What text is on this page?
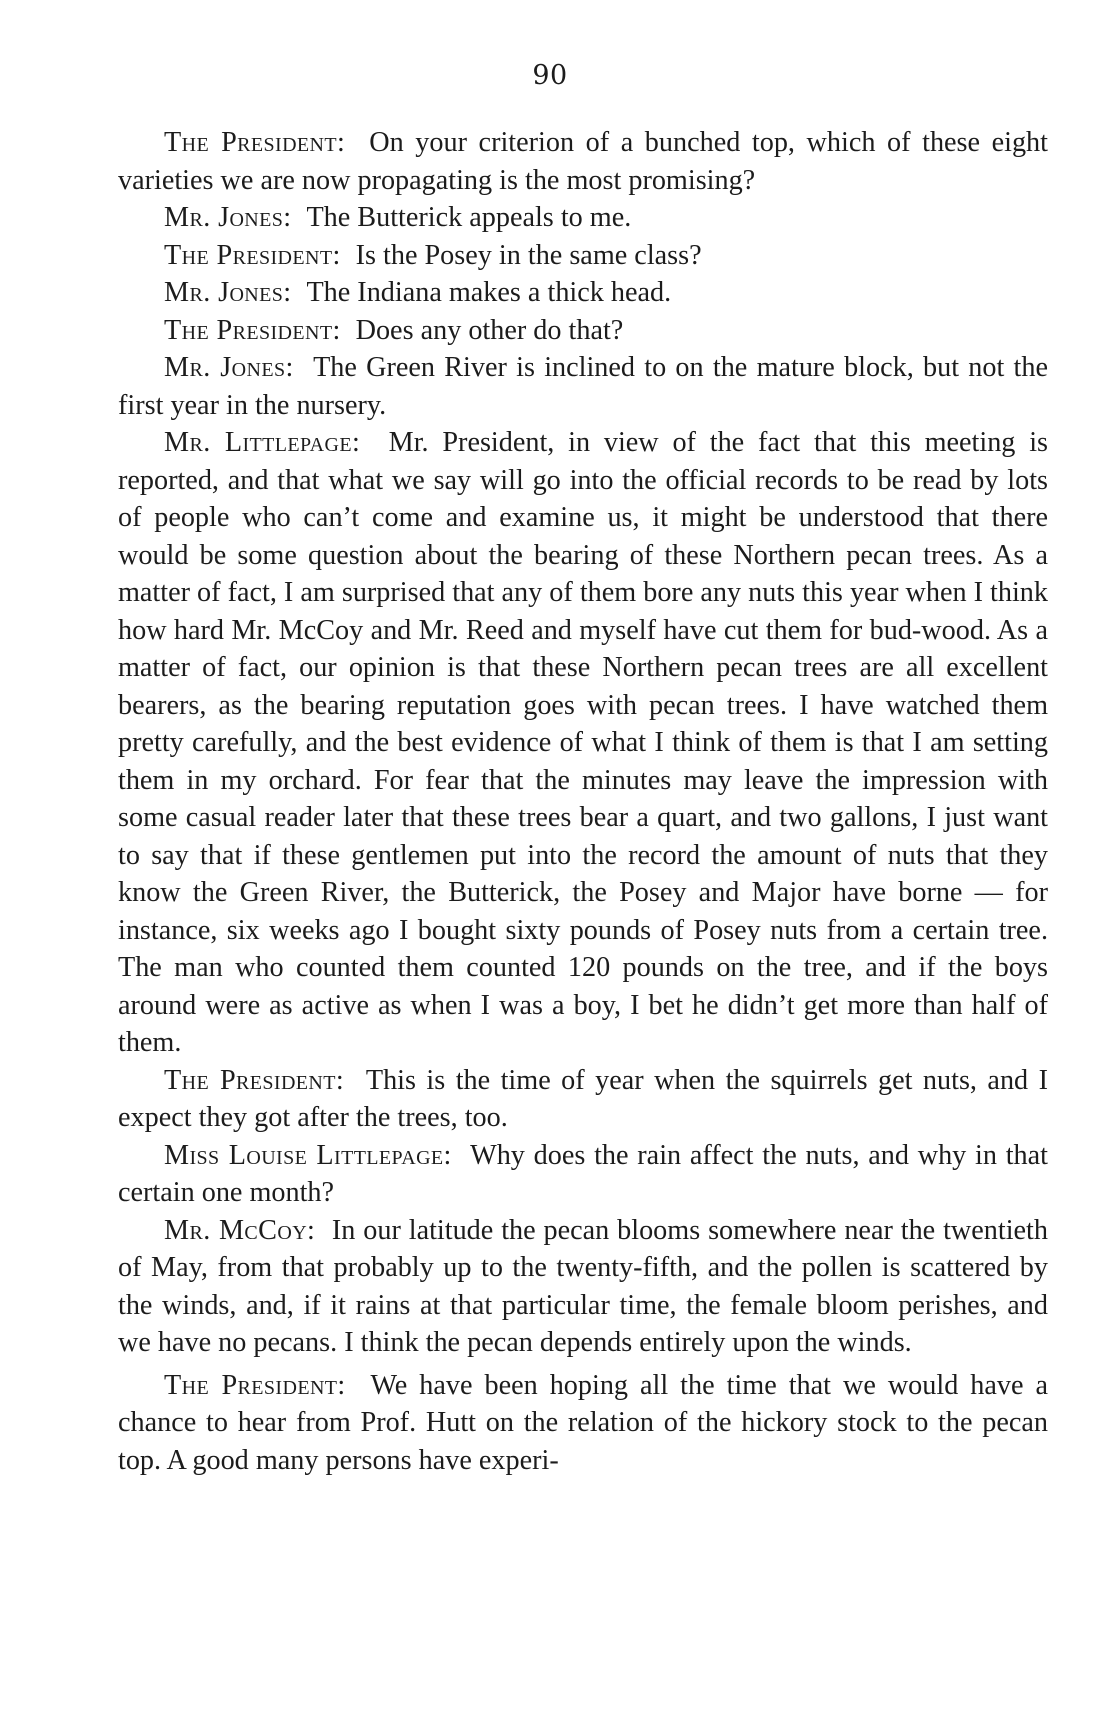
90

The President : On your criterion of a bunched top, which of these eight varieties we are now propagating is the most promising?

Mr. Jones : The Butterick appeals to me.

The President : Is the Posey in the same class?

Mr. Jones : The Indiana makes a thick head.

The President : Does any other do that?

Mr. Jones : The Green River is inclined to on the mature block, but not the first year in the nursery.

Mr. Littlepage : Mr. President, in view of the fact that this meeting is reported, and that what we say will go into the official records to be read by lots of people who can’t come and examine us, it might be understood that there would be some question about the bearing of these Northern pecan trees. As a matter of fact, I am surprised that any of them bore any nuts this year when I think how hard Mr. McCoy and Mr. Reed and myself have cut them for bud-wood. As a matter of fact, our opinion is that these Northern pecan trees are all excellent bearers, as the bearing reputation goes with pecan trees. I have watched them pretty carefully, and the best evidence of what I think of them is that I am setting them in my orchard. For fear that the minutes may leave the impression with some casual reader later that these trees bear a quart, and two gallons, I just want to say that if these gentlemen put into the record the amount of nuts that they know the Green River, the Butterick, the Posey and Major have borne — for instance, six weeks ago I bought sixty pounds of Posey nuts from a certain tree. The man who counted them counted 120 pounds on the tree, and if the boys around were as active as when I was a boy, I bet he didn’t get more than half of them.

The President : This is the time of year when the squirrels get nuts, and I expect they got after the trees, too.

Miss Louise Littlepage : Why does the rain affect the nuts, and why in that certain one month?

Mr. McCoy : In our latitude the pecan blooms somewhere near the twentieth of May, from that probably up to the twenty-fifth, and the pollen is scattered by the winds, and, if it rains at that particular time, the female bloom perishes, and we have no pecans. I think the pecan depends entirely upon the winds.

The President : We have been hoping all the time that we would have a chance to hear from Prof. Hutt on the relation of the hickory stock to the pecan top. A good many persons have experi-
